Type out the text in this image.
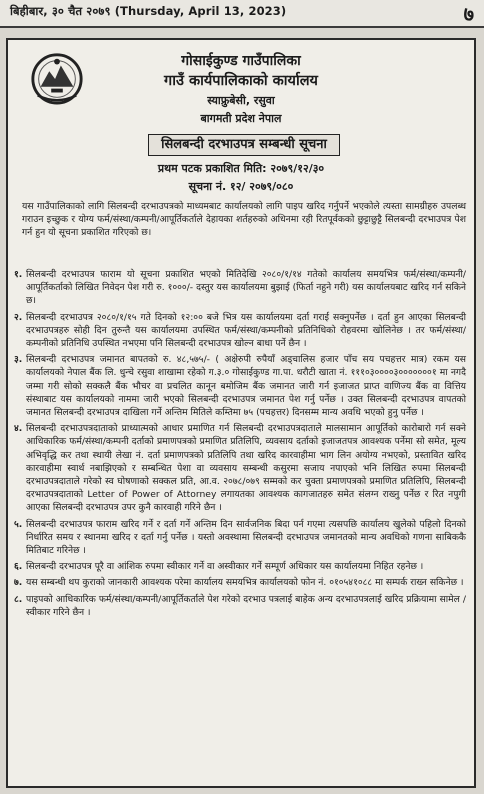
बिहीबार, ३० चैत २०७९ (Thursday, April 13, 2023)	७
गोसाईकुण्ड गाउँपालिका
गाउँ कार्यपालिकाको कार्यालय
स्याफ्रुबेसी, रसुवा
बागमती प्रदेश नेपाल
सिलबन्दी दरभाउपत्र सम्बन्धी सूचना
प्रथम पटक प्रकाशित मिति: २०७९/१२/३०
सूचना नं. १२/ २०७९/०८०
यस गाउँपालिकाको लागि सिलबन्दी दरभाउपत्रको माध्यमबाट कार्यालयको लागि पाइप खरिद गर्नुपर्ने भएकोले त्यस्ता सामग्रीहरु उपलब्ध गराउन इच्छुक र योग्य फर्म/संस्था/कम्पनी/आपूर्तिकर्ताले देहायका शर्तहरुको अधिनमा रही रितपूर्वकको छुट्टाछुट्टै सिलबन्दी दरभाउपत्र पेश गर्न हुन यो सूचना प्रकाशित गरिएको छ।
१. सिलबन्दी दरभाउपत्र फाराम यो सूचना प्रकाशित भएको मितिदेखि २०८०/१/१४ गतेको कार्यालय समयभित्र फर्म/संस्था/कम्पनी/आपूर्तिकर्ताको लिखित निवेदन पेश गरी रु. १०००/- दस्तुर यस कार्यालयमा बुझाई (फिर्ता नहुने गरी) यस कार्यालयबाट खरिद गर्न सकिने छ।
२. सिलबन्दी दरभाउपत्र २०८०/१/१५ गते दिनको १२:०० बजे भित्र यस कार्यालयमा दर्ता गराई सक्नुपर्नेछ । दर्ता हुन आएका सिलबन्दी दरभाउपत्रहरु सोही दिन तुरुन्तै यस कार्यालयमा उपस्थित फर्म/संस्था/कम्पनीको प्रतिनिधिको रोहवरमा खोलिनेछ । तर फर्म/संस्था/कम्पनीको प्रतिनिधि उपस्थित नभएमा पनि सिलबन्दी दरभाउपत्र खोल्न बाधा पर्ने छैन ।
३. सिलबन्दी दरभाउपत्र जमानत बापतको रु. ४८,५७५/- ( अक्षेरुपी रुपैयाँ अड्चालिस हजार पाँच सय पचहत्तर मात्र) रकम यस कार्यालयको नेपाल बैंक लि. धुन्चे रसुवा शाखामा रहेको ग.३.० गोसाईकुण्ड गा.पा. धरौटी खाता नं. १११०३००००३०००००००१ मा नगदै जम्मा गरी सोको सक्कलै बैंक भौचर वा प्रचलित कानून बमोजिम बैंक जमानत जारी गर्न इजाजत प्राप्त वाणिज्य बैंक वा वित्तिय संस्थाबाट यस कार्यालयको नाममा जारी भएको सिलबन्दी दरभाउपत्र जमानत पेश गर्नु पर्नेछ । उक्त सिलबन्दी दरभाउपत्र वापतको जमानत सिलबन्दी दरभाउपत्र दाखिला गर्ने अन्तिम मितिले कम्तिमा ७५ (पचहत्तर) दिनसम्म मान्य अवधि भएको हुनु पर्नेछ ।
४. सिलबन्दी दरभाउपत्रदाताको प्राध्यात्मको आधार प्रमाणित गर्न सिलबन्दी दरभाउपत्रदाताले मालसामान आपूर्तिको कारोबारो गर्न सक्ने आधिकारिक फर्म/संस्था/कम्पनी दर्ताको प्रमाणपत्रको प्रमाणित प्रतिलिपि, व्यवसाय दर्ताको इजाजतपत्र आवश्यक पर्नेमा सो समेत, मूल्य अभिवृद्धि कर तथा स्थायी लेखा नं. दर्ता प्रमाणपत्रको प्रतिलिपि तथा खरिद कारवाहीमा भाग लिन अयोग्य नभएको, प्रस्तावित खरिद कारवाहीमा स्वार्थ नबाझिएको र सम्बन्धित पेशा वा व्यवसाय सम्बन्धी कसुरमा सजाय नपाएको भनि लिखित रुपमा सिलबन्दी दरभाउपत्रदाताले गरेको स्व घोषणाको सक्कल प्रति, आ.व. २०७८/०७९ सम्मको कर चुक्ता प्रमाणपत्रको प्रमाणित प्रतिलिपि, सिलबन्दी दरभाउपत्रदाताको Letter of Power of Attorney लगायतका आवश्यक कागजातहरु समेत संलग्न राख्नु पर्नेछ र रित नपुगी आएका सिलबन्दी दरभाउपत्र उपर कुनै कारवाही गरिने छैन ।
५. सिलबन्दी दरभाउपत्र फाराम खरिद गर्ने र दर्ता गर्ने अन्तिम दिन सार्वजनिक बिदा पर्न गएमा त्यसपछि कार्यालय खुलेको पहिलो दिनको निर्धारित समय र स्थानमा खरिद र दर्ता गर्नु पर्नेछ । यस्तो अवस्थामा सिलबन्दी दरभाउपत्र जमानतको मान्य अवधिको गणना साबिककै मितिबाट गरिनेछ ।
६. सिलबन्दी दरभाउपत्र पूरै वा आंशिक रुपमा स्वीकार गर्ने वा अस्वीकार गर्ने सम्पूर्ण अधिकार यस कार्यालयमा निहित रहनेछ ।
७. यस सम्बन्धी थप कुराको जानकारी आवश्यक परेमा कार्यालय समयभित्र कार्यालयको फोन नं. ०१०५४१०८८ मा सम्पर्क राख्न सकिनेछ ।
८. पाइपको आधिकारिक फर्म/संस्था/कम्पनी/आपूर्तिकर्ताले पेश गरेको दरभाउ पत्रलाई बाहेक अन्य दरभाउपत्रलाई खरिद प्रक्रियामा सामेल / स्वीकार गरिने छैन ।
